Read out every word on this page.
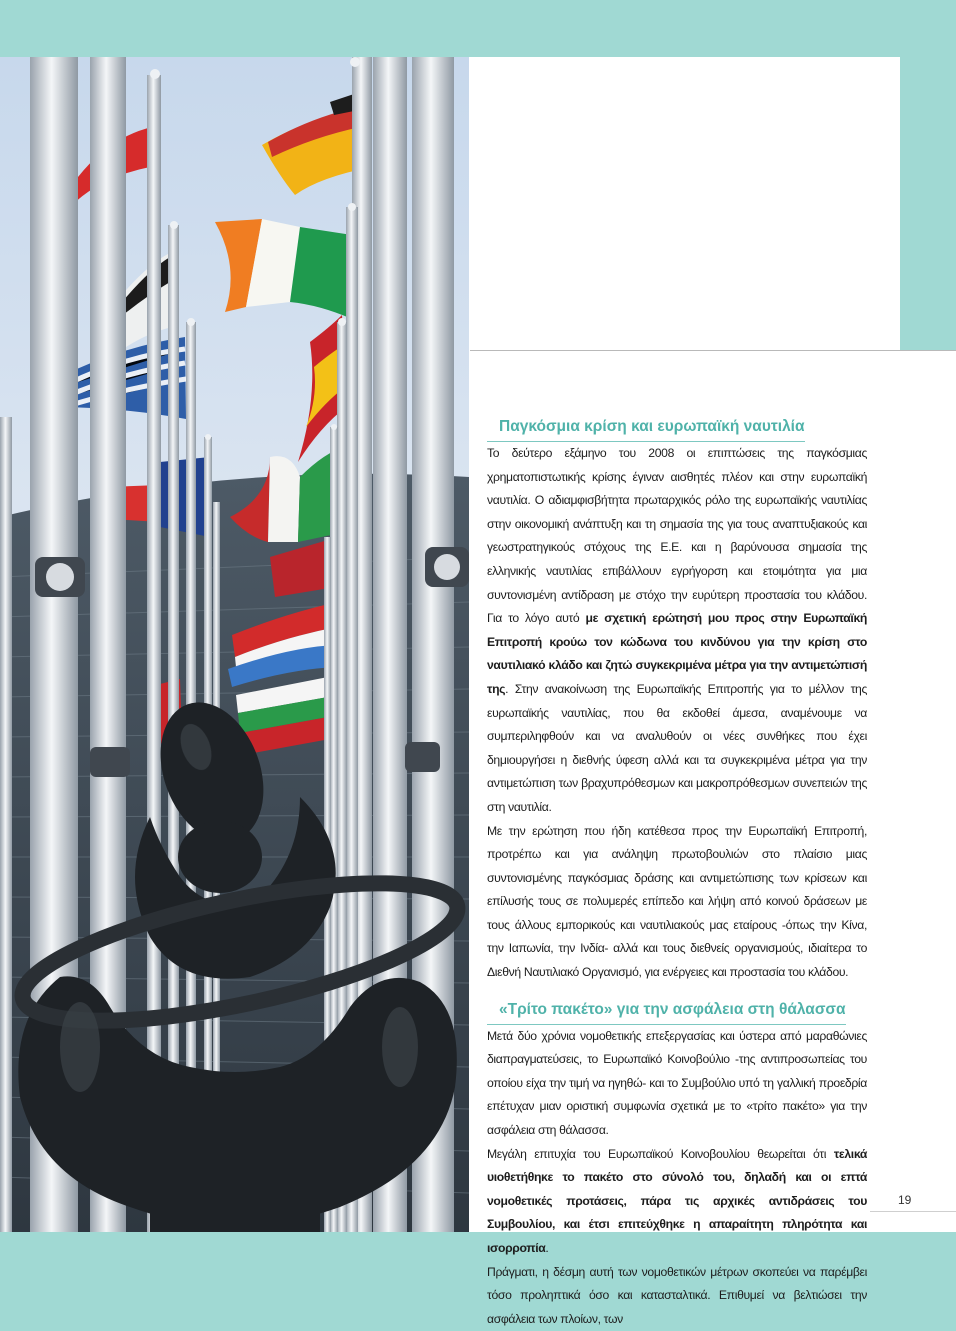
Παγκόσμια κρίση και ευρωπαϊκή ναυτιλία

Το δεύτερο εξάμηνο του 2008 οι επιπτώσεις της παγκόσμιας χρηματοπιστωτικής κρίσης έγιναν αισθητές πλέον και στην ευρωπαϊκή ναυτιλία. Ο αδιαμφισβήτητα πρωταρχικός ρόλο της ευρωπαϊκής ναυτιλίας στην οικονομική ανάπτυξη και τη σημασία της για τους αναπτυξιακούς και γεωστρατηγικούς στόχους της Ε.Ε. και η βαρύνουσα σημασία της ελληνικής ναυτιλίας επιβάλλουν εγρήγορση και ετοιμότητα για μια συντονισμένη αντίδραση με στόχο την ευρύτερη προστασία του κλάδου. Για το λόγο αυτό με σχετική ερώτησή μου προς στην Ευρωπαϊκή Επιτροπή κρούω τον κώδωνα του κινδύνου για την κρίση στο ναυτιλιακό κλάδο και ζητώ συγκεκριμένα μέτρα για την αντιμετώπισή της. Στην ανακοίνωση της Ευρωπαϊκής Επιτροπής για το μέλλον της ευρωπαϊκής ναυτιλίας, που θα εκδοθεί άμεσα, αναμένουμε να συμπεριληφθούν και να αναλυθούν οι νέες συνθήκες που έχει δημιουργήσει η διεθνής ύφεση αλλά και τα συγκεκριμένα μέτρα για την αντιμετώπιση των βραχυπρόθεσμων και μακροπρόθεσμων συνεπειών της στη ναυτιλία.

Με την ερώτηση που ήδη κατέθεσα προς την Ευρωπαϊκή Επιτροπή, προτρέπω και για ανάληψη πρωτοβουλιών στο πλαίσιο μιας συντονισμένης παγκόσμιας δράσης και αντιμετώπισης των κρίσεων και επίλυσής τους σε πολυμερές επίπεδο και λήψη από κοινού δράσεων με τους άλλους εμπορικούς και ναυτιλιακούς μας εταίρους -όπως την Κίνα, την Ιαπωνία, την Ινδία- αλλά και τους διεθνείς οργανισμούς, ιδιαίτερα το Διεθνή Ναυτιλιακό Οργανισμό, για ενέργειες και προστασία του κλάδου.

«Τρίτο πακέτο» για την ασφάλεια στη θάλασσα

Μετά δύο χρόνια νομοθετικής επεξεργασίας και ύστερα από μαραθώνιες διαπραγματεύσεις, το Ευρωπαϊκό Κοινοβούλιο -της αντιπροσωπείας του οποίου είχα την τιμή να ηγηθώ- και το Συμβούλιο υπό τη γαλλική προεδρία επέτυχαν μιαν οριστική συμφωνία σχετικά με το «τρίτο πακέτο» για την ασφάλεια στη θάλασσα.

Μεγάλη επιτυχία του Ευρωπαϊκού Κοινοβουλίου θεωρείται ότι τελικά υιοθετήθηκε το πακέτο στο σύνολό του, δηλαδή και οι επτά νομοθετικές προτάσεις, πάρα τις αρχικές αντιδράσεις του Συμβουλίου, και έτσι επιτεύχθηκε η απαραίτητη πληρότητα και ισορροπία.

Πράγματι, η δέσμη αυτή των νομοθετικών μέτρων σκοπεύει να παρέμβει τόσο προληπτικά όσο και κατασταλτικά. Επιθυμεί να βελτιώσει την ασφάλεια των πλοίων, των

19
